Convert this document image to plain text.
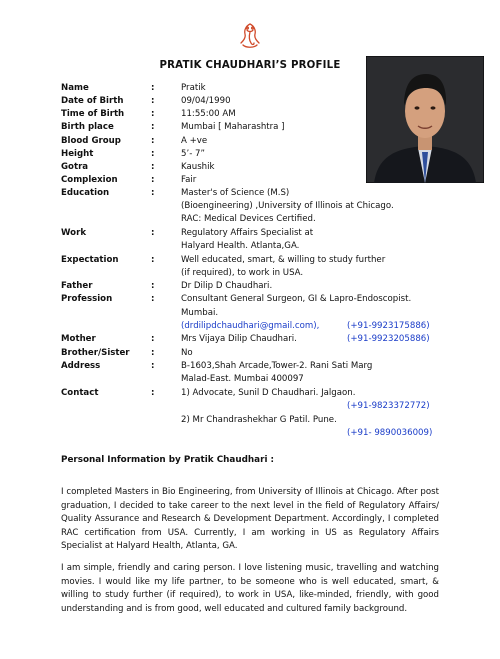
PRATIK CHAUDHARI’S PROFILE
Name	:	Pratik
Date of Birth	:	09/04/1990
Time of Birth	:	11:55:00 AM
Birth place	:	Mumbai [ Maharashtra ]
Blood Group	:	A +ve
Height	:	5’- 7”
Gotra	:	Kaushik
Complexion	:	Fair
Education	:	Master's of Science (M.S)
(Bioengineering) ,University of Illinois at Chicago.
RAC: Medical Devices Certified.
Work	:	Regulatory Affairs Specialist at
Halyard Health. Atlanta,GA.
Expectation	:	Well educated, smart, & willing to study further
(if required), to work in USA.
Father	:	Dr Dilip D Chaudhari.
Profession	:	Consultant General Surgeon, GI & Lapro-Endoscopist.
Mumbai.
(drdilipdchaudhari@gmail.com),	(+91-9923175886)
Mother	:	Mrs Vijaya Dilip Chaudhari.	(+91-9923205886)
Brother/Sister :	No
Address	:	B-1603,Shah Arcade,Tower-2. Rani Sati Marg
Malad-East. Mumbai 400097
Contact	:	1) Advocate, Sunil D Chaudhari. Jalgaon.
(+91-9823372772)
2) Mr Chandrashekhar G Patil. Pune.
(+91- 9890036009)
Personal Information by Pratik Chaudhari :

I completed Masters in Bio Engineering, from University of Illinois at Chicago. After post graduation, I decided to take career to the next level in the field of Regulatory Affairs/ Quality Assurance and Research & Development Department. Accordingly, I completed RAC certification from USA. Currently, I am working in US as Regulatory Affairs Specialist at Halyard Health, Atlanta, GA.

I am simple, friendly and caring person. I love listening music, travelling and watching movies. I would like my life partner, to be someone who is well educated, smart, & willing to study further (if required), to work in USA, like-minded, friendly, with good understanding and is from good, well educated and cultured family background.
